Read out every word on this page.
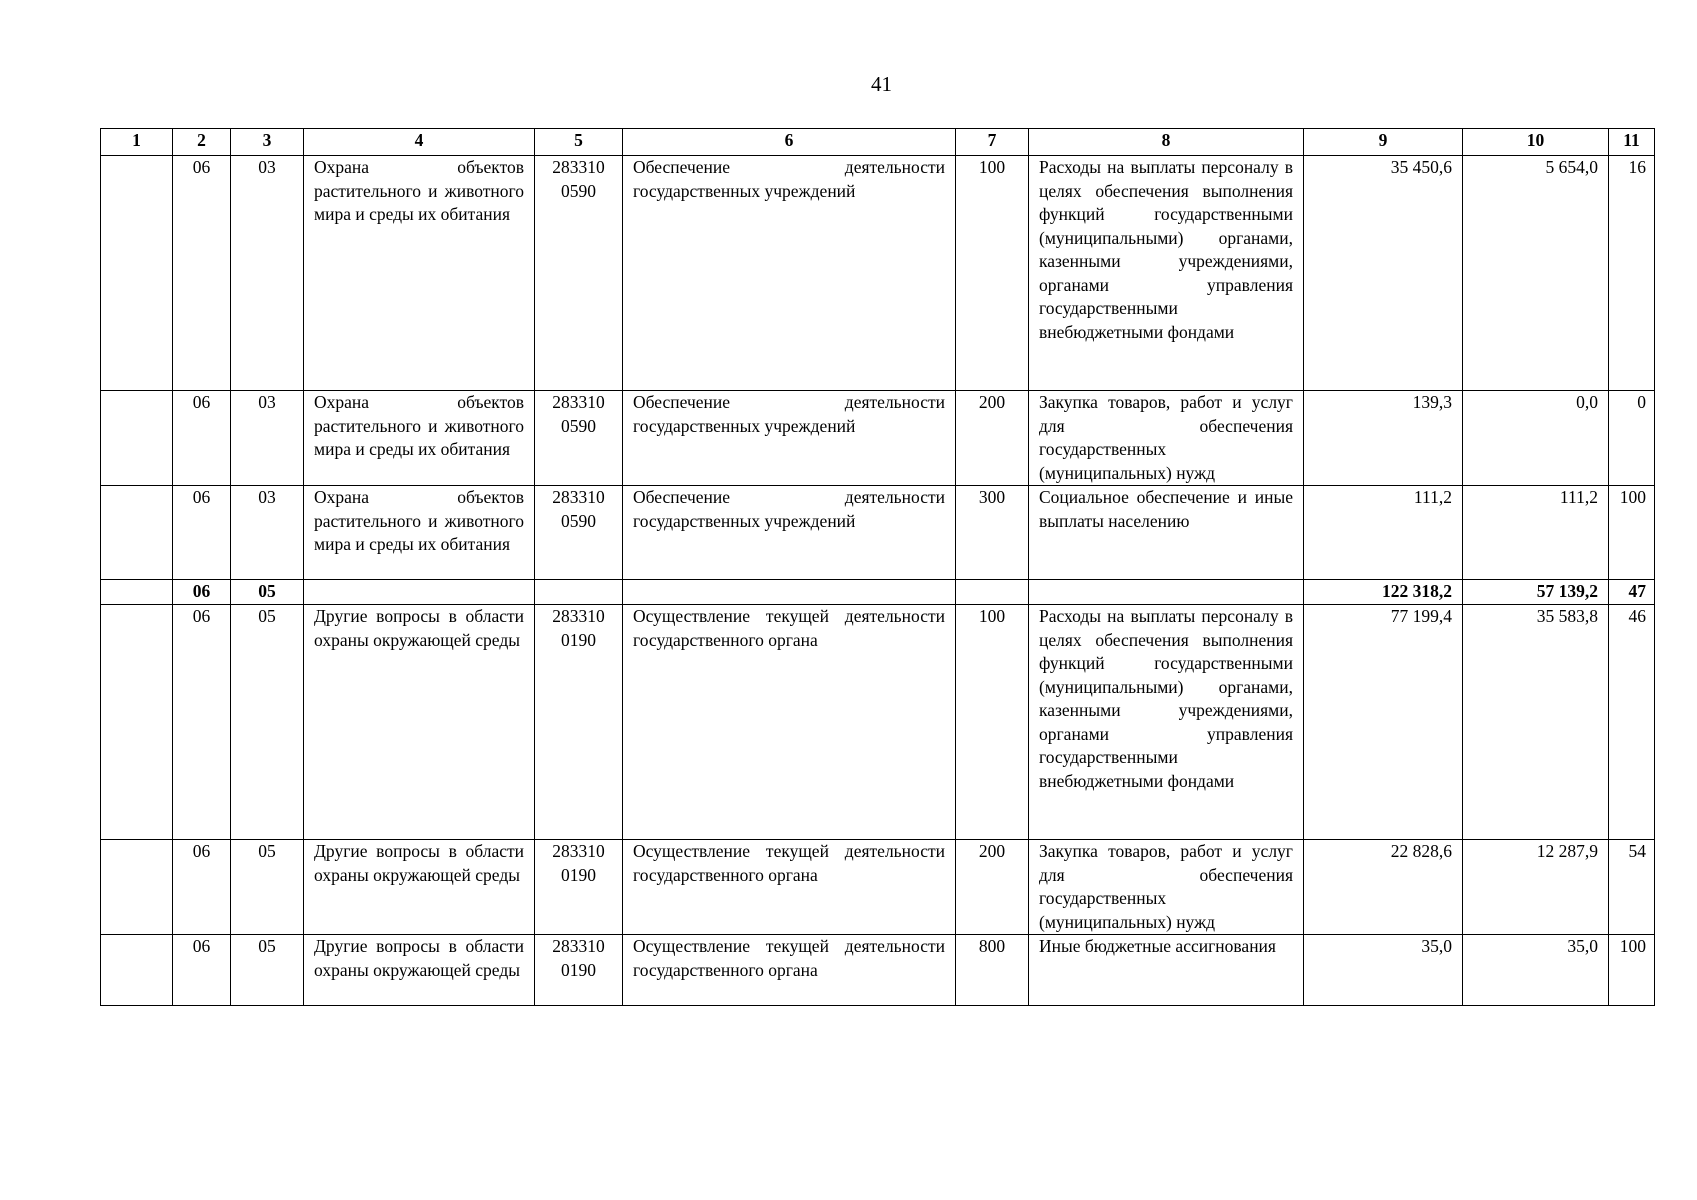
41
1	2	3	4	5	6	7	8	9	10	11
	06	03	Охрана объектов растительного и животного мира и среды их обитания	283310 0590	Обеспечение деятельности государственных учреждений	100	Расходы на выплаты персоналу в целях обеспечения выполнения функций государственными (муниципальными) органами, казенными учреждениями, органами управления государственными внебюджетными фондами	35 450,6	5 654,0	16
	06	03	Охрана объектов растительного и животного мира и среды их обитания	283310 0590	Обеспечение деятельности государственных учреждений	200	Закупка товаров, работ и услуг для обеспечения государственных (муниципальных) нужд	139,3	0,0	0
	06	03	Охрана объектов растительного и животного мира и среды их обитания	283310 0590	Обеспечение деятельности государственных учреждений	300	Социальное обеспечение и иные выплаты населению	111,2	111,2	100
	06	05						122 318,2	57 139,2	47
	06	05	Другие вопросы в области охраны окружающей среды	283310 0190	Осуществление текущей деятельности государственного органа	100	Расходы на выплаты персоналу в целях обеспечения выполнения функций государственными (муниципальными) органами, казенными учреждениями, органами управления государственными внебюджетными фондами	77 199,4	35 583,8	46
	06	05	Другие вопросы в области охраны окружающей среды	283310 0190	Осуществление текущей деятельности государственного органа	200	Закупка товаров, работ и услуг для обеспечения государственных (муниципальных) нужд	22 828,6	12 287,9	54
	06	05	Другие вопросы в области охраны окружающей среды	283310 0190	Осуществление текущей деятельности государственного органа	800	Иные бюджетные ассигнования	35,0	35,0	100
